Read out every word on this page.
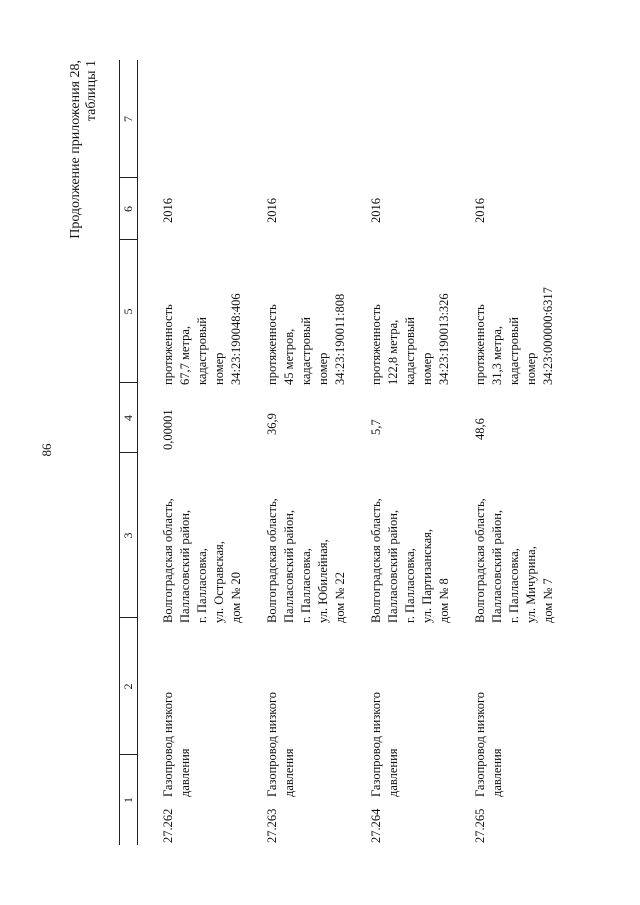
86
Продолжение приложения 28, таблицы 1
1
2
3
4
5
6
7
27.262
Газопровод низкого
давления
Волгоградская область,
Палласовский район,
г. Палласовка,
ул. Остравская,
дом № 20
0,00001
протяженность
67,7 метра,
кадастровый
номер
34:23:190048:406
2016
27.263
Газопровод низкого
давления
Волгоградская область,
Палласовский район,
г. Палласовка,
ул. Юбилейная,
дом № 22
36,9
протяженность
45 метров,
кадастровый
номер
34:23:190011:808
2016
27.264
Газопровод низкого
давления
Волгоградская область,
Палласовский район,
г. Палласовка,
ул. Партизанская,
дом № 8
5,7
протяженность
122,8 метра,
кадастровый
номер
34:23:190013:326
2016
27.265
Газопровод низкого
давления
Волгоградская область,
Палласовский район,
г. Палласовка,
ул. Мичурина,
дом № 7
48,6
протяженность
31,3 метра,
кадастровый
номер
34:23:000000:6317
2016
